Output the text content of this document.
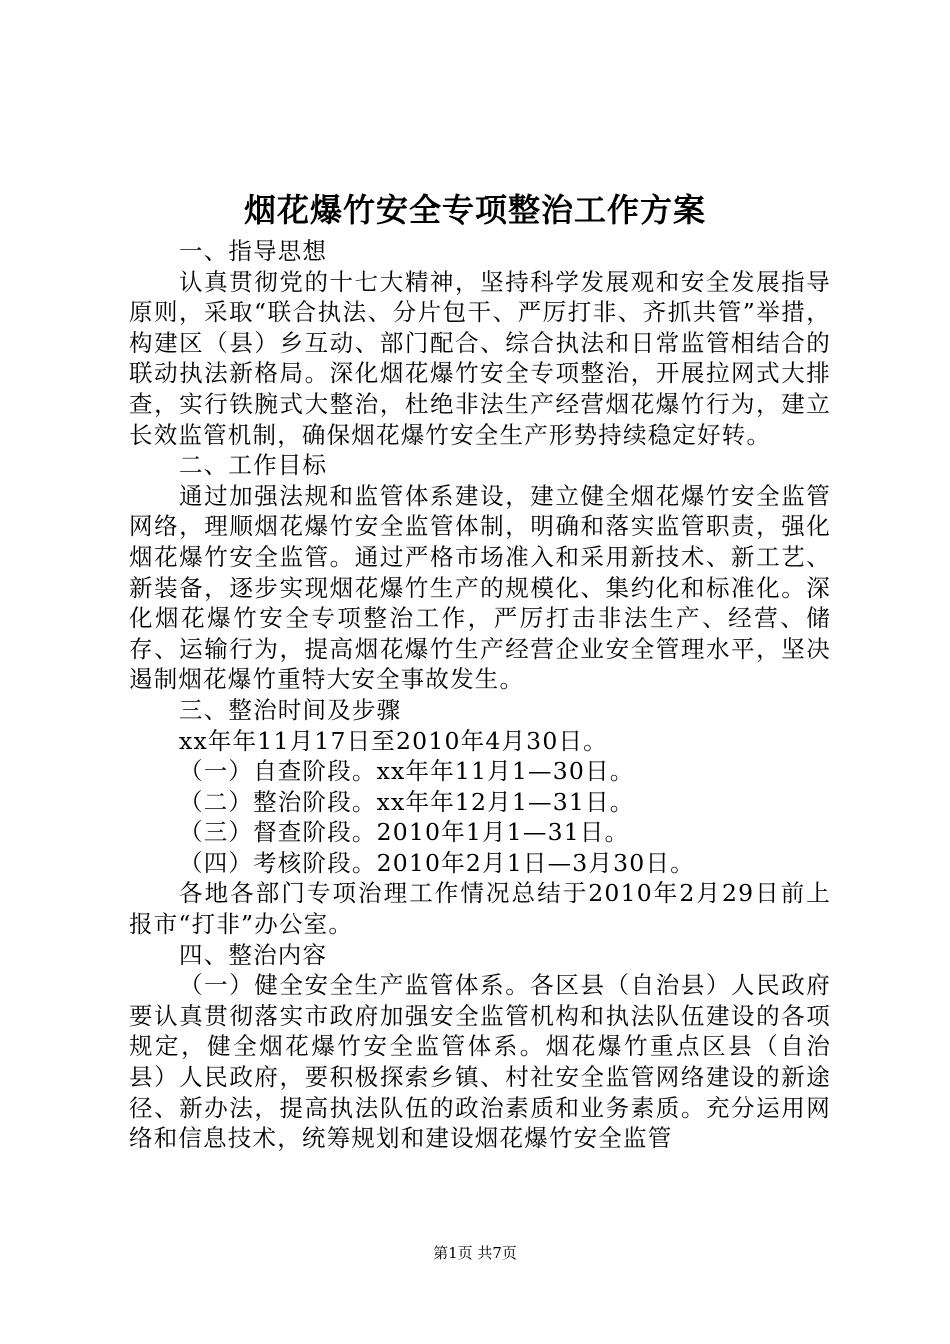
烟花爆竹安全专项整治工作方案

一、指导思想

认真贯彻党的十七大精神，坚持科学发展观和安全发展指导原则，采取“联合执法、分片包干、严厉打非、齐抓共管”举措，构建区（县）乡互动、部门配合、综合执法和日常监管相结合的联动执法新格局。深化烟花爆竹安全专项整治，开展拉网式大排查，实行铁腕式大整治，杜绝非法生产经营烟花爆竹行为，建立长效监管机制，确保烟花爆竹安全生产形势持续稳定好转。

二、工作目标

通过加强法规和监管体系建设，建立健全烟花爆竹安全监管网络，理顺烟花爆竹安全监管体制，明确和落实监管职责，强化烟花爆竹安全监管。通过严格市场准入和采用新技术、新工艺、新装备，逐步实现烟花爆竹生产的规模化、集约化和标准化。深化烟花爆竹安全专项整治工作，严厉打击非法生产、经营、储存、运输行为，提高烟花爆竹生产经营企业安全管理水平，坚决遏制烟花爆竹重特大安全事故发生。

三、整治时间及步骤

xx年年11月17日至2010年4月30日。

（一）自查阶段。xx年年11月1—30日。

（二）整治阶段。xx年年12月1—31日。

（三）督查阶段。2010年1月1—31日。

（四）考核阶段。2010年2月1日—3月30日。

各地各部门专项治理工作情况总结于2010年2月29日前上报市“打非”办公室。

四、整治内容

（一）健全安全生产监管体系。各区县（自治县）人民政府要认真贯彻落实市政府加强安全监管机构和执法队伍建设的各项规定，健全烟花爆竹安全监管体系。烟花爆竹重点区县（自治县）人民政府，要积极探索乡镇、村社安全监管网络建设的新途径、新办法，提高执法队伍的政治素质和业务素质。充分运用网络和信息技术，统筹规划和建设烟花爆竹安全监管

第1页 共7页
